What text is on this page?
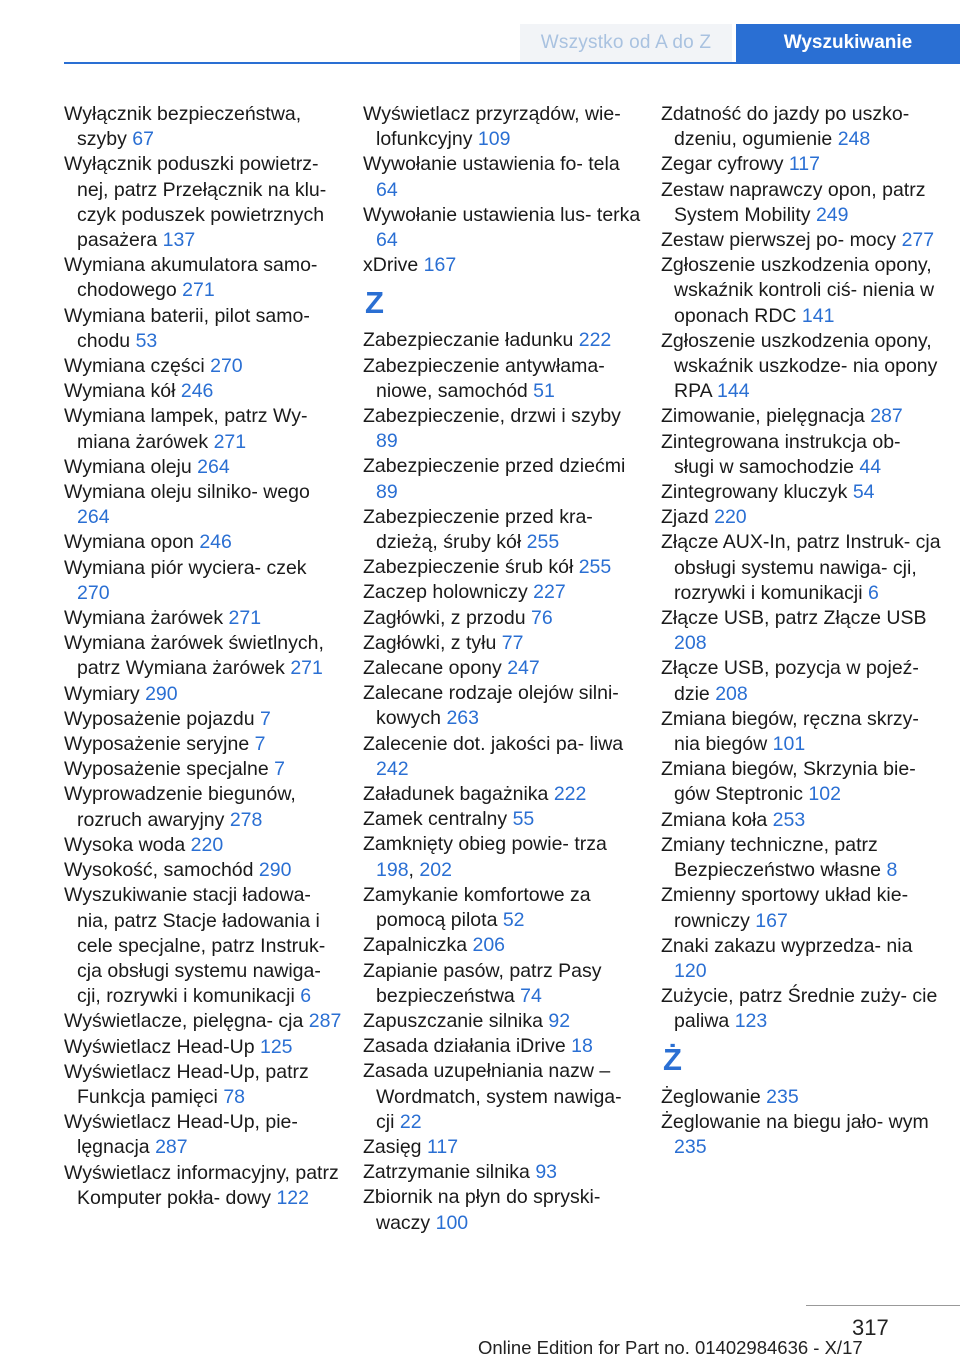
Wszystko od A do Z	Wyszukiwanie
Wyłącznik bezpieczeństwa, szyby 67
Wyłącznik poduszki powietrz- nej, patrz Przełącznik na klu- czyk poduszek powietrznych pasażera 137
Wymiana akumulatora samo- chodowego 271
Wymiana baterii, pilot samo- chodu 53
Wymiana części 270
Wymiana kół 246
Wymiana lampek, patrz Wy- miana żarówek 271
Wymiana oleju 264
Wymiana oleju silniko- wego 264
Wymiana opon 246
Wymiana piór wyciera- czek 270
Wymiana żarówek 271
Wymiana żarówek świetlnych, patrz Wymiana żarówek 271
Wymiary 290
Wyposażenie pojazdu 7
Wyposażenie seryjne 7
Wyposażenie specjalne 7
Wyprowadzenie biegunów, rozruch awaryjny 278
Wysoka woda 220
Wysokość, samochód 290
Wyszukiwanie stacji ładowa- nia, patrz Stacje ładowania i cele specjalne, patrz Instruk- cja obsługi systemu nawiga- cji, rozrywki i komunikacji 6
Wyświetlacze, pielęgna- cja 287
Wyświetlacz Head-Up 125
Wyświetlacz Head-Up, patrz Funkcja pamięci 78
Wyświetlacz Head-Up, pie- lęgnacja 287
Wyświetlacz informacyjny, patrz Komputer pokła- dowy 122
Wyświetlacz przyrządów, wie- lofunkcyjny 109
Wywołanie ustawienia fo- tela 64
Wywołanie ustawienia lus- terka 64
xDrive 167
Z
Zabezpieczanie ładunku 222
Zabezpieczenie antywłama- niowe, samochód 51
Zabezpieczenie, drzwi i szyby 89
Zabezpieczenie przed dziećmi 89
Zabezpieczenie przed kra- dzieżą, śruby kół 255
Zabezpieczenie śrub kół 255
Zaczep holowniczy 227
Zagłówki, z przodu 76
Zagłówki, z tyłu 77
Zalecane opony 247
Zalecane rodzaje olejów silni- kowych 263
Zalecenie dot. jakości pa- liwa 242
Załadunek bagażnika 222
Zamek centralny 55
Zamknięty obieg powie- trza 198, 202
Zamykanie komfortowe za pomocą pilota 52
Zapalniczka 206
Zapianie pasów, patrz Pasy bezpieczeństwa 74
Zapuszczanie silnika 92
Zasada działania iDrive 18
Zasada uzupełniania nazw – Wordmatch, system nawiga- cji 22
Zasięg 117
Zatrzymanie silnika 93
Zbiornik na płyn do spryski- waczy 100
Zdatność do jazdy po uszko- dzeniu, ogumienie 248
Zegar cyfrowy 117
Zestaw naprawczy opon, patrz System Mobility 249
Zestaw pierwszej po- mocy 277
Zgłoszenie uszkodzenia opony, wskaźnik kontroli ciś- nienia w oponach RDC 141
Zgłoszenie uszkodzenia opony, wskaźnik uszkodze- nia opony RPA 144
Zimowanie, pielęgnacja 287
Zintegrowana instrukcja ob- sługi w samochodzie 44
Zintegrowany kluczyk 54
Zjazd 220
Złącze AUX-In, patrz Instruk- cja obsługi systemu nawiga- cji, rozrywki i komunikacji 6
Złącze USB, patrz Złącze USB 208
Złącze USB, pozycja w pojeź- dzie 208
Zmiana biegów, ręczna skrzy- nia biegów 101
Zmiana biegów, Skrzynia bie- gów Steptronic 102
Zmiana koła 253
Zmiany techniczne, patrz Bezpieczeństwo własne 8
Zmienny sportowy układ kie- rowniczy 167
Znaki zakazu wyprzedza- nia 120
Zużycie, patrz Średnie zuży- cie paliwa 123
Ż
Żeglowanie 235
Żeglowanie na biegu jało- wym 235
317
Online Edition for Part no. 01402984636 - X/17
